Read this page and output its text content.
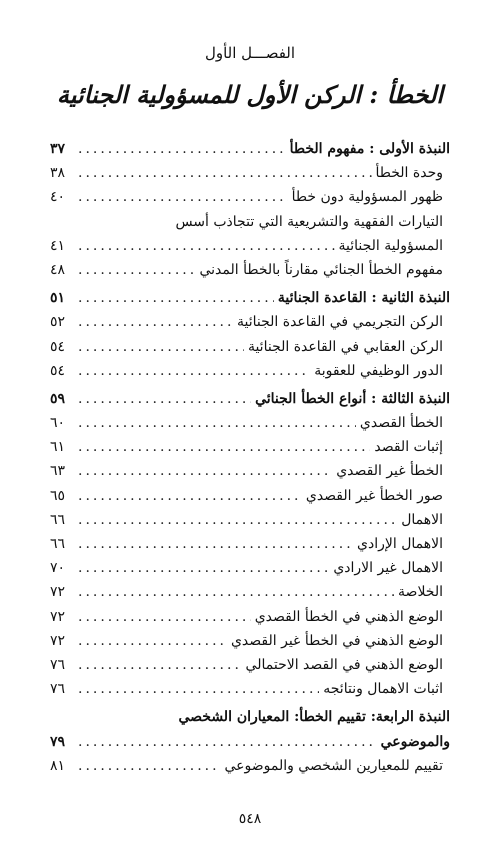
الفصـــل الأول
الخطأ : الركن الأول للمسؤولية الجنائية
النبذة الأولى : مفهوم الخطأ
.....
٣٧
وحدة الخطأ
.....
٣٨
ظهور المسؤولية دون خطأ
.....
٤٠
التيارات الفقهية والتشريعية التي تتجاذب أسس
المسؤولية الجنائية
.....
٤١
مفهوم الخطأ الجنائي مقارناً بالخطأ المدني
.....
٤٨
النبذة الثانية : القاعدة الجنائية
.....
٥١
الركن التجريمي في القاعدة الجنائية
.....
٥٢
الركن العقابي في القاعدة الجنائية
.....
٥٤
الدور الوظيفي للعقوبة
.....
٥٤
النبذة الثالثة : أنواع الخطأ الجنائي
.....
٥٩
الخطأ القصدي
.....
٦٠
إثبات القصد
.....
٦١
الخطأ غير القصدي
.....
٦٣
صور الخطأ غير القصدي
.....
٦٥
الاهمال
.....
٦٦
الاهمال الإرادي
.....
٦٦
الاهمال غير الارادي
.....
٧٠
الخلاصة
.....
٧٢
الوضع الذهني في الخطأ القصدي
.....
٧٢
الوضع الذهني في الخطأ غير القصدي
.....
٧٢
الوضع الذهني في القصد الاحتمالي
.....
٧٦
اثبات الاهمال ونتائجه
.....
٧٦
النبذة الرابعة: تقييم الخطأ: المعياران الشخصي
والموضوعي
.....
٧٩
تقييم للمعيارين الشخصي والموضوعي
.....
٨١
٥٤٨
